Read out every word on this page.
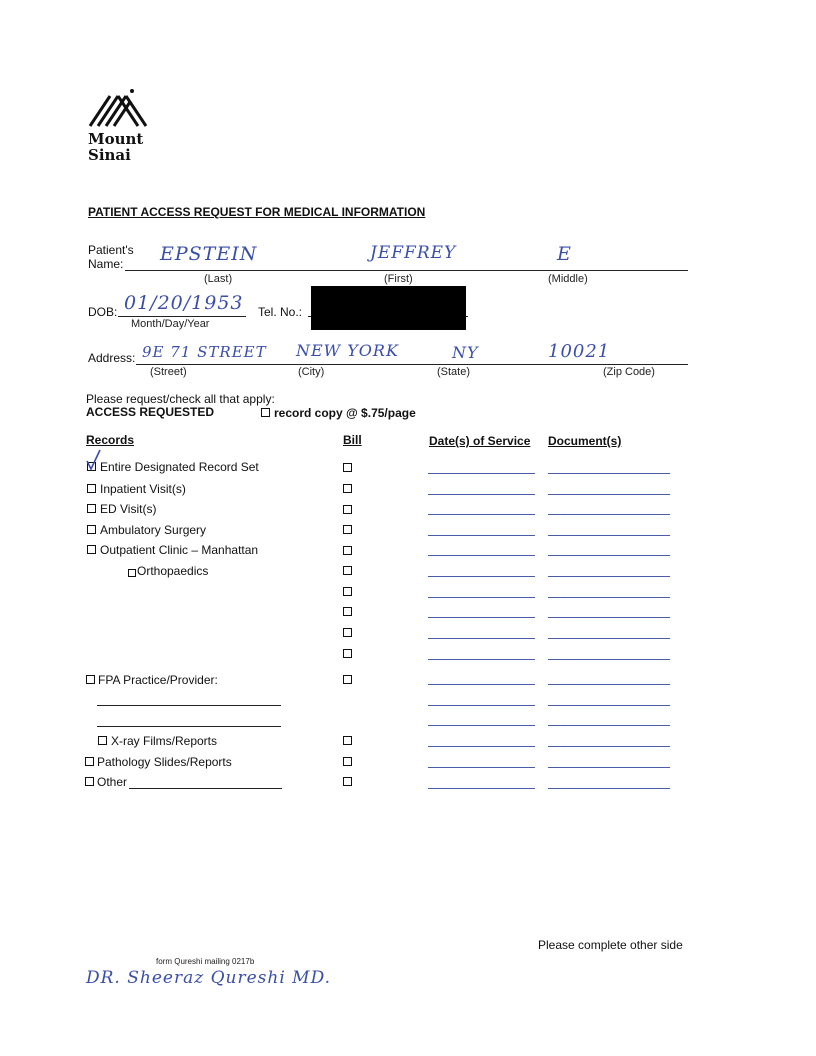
Mount
Sinai
PATIENT ACCESS REQUEST FOR MEDICAL INFORMATION
Patient's
Name: EPSTEIN	JEFFREY	E
(Last)	(First)	(Middle)
DOB: 01/20/1953
Month/Day/Year
Tel. No.:
Address: 9E 71 STREET NEW YORK	NY	10021
(Street)	(City)	(State)	(Zip Code)
Please request/check all that apply:
ACCESS REQUESTED	record copy @ $.75/page
Records	Bill	Date(s) of Service Document(s)
Entire Designated Record Set
Inpatient Visit(s)
ED Visit(s)
Ambulatory Surgery
Outpatient Clinic – Manhattan
Orthopaedics
FPA Practice/Provider:
X-ray Films/Reports
Pathology Slides/Reports
Other
Please complete other side
form Qureshi mailing 0217b
DR. Sheeraz Qureshi MD.
